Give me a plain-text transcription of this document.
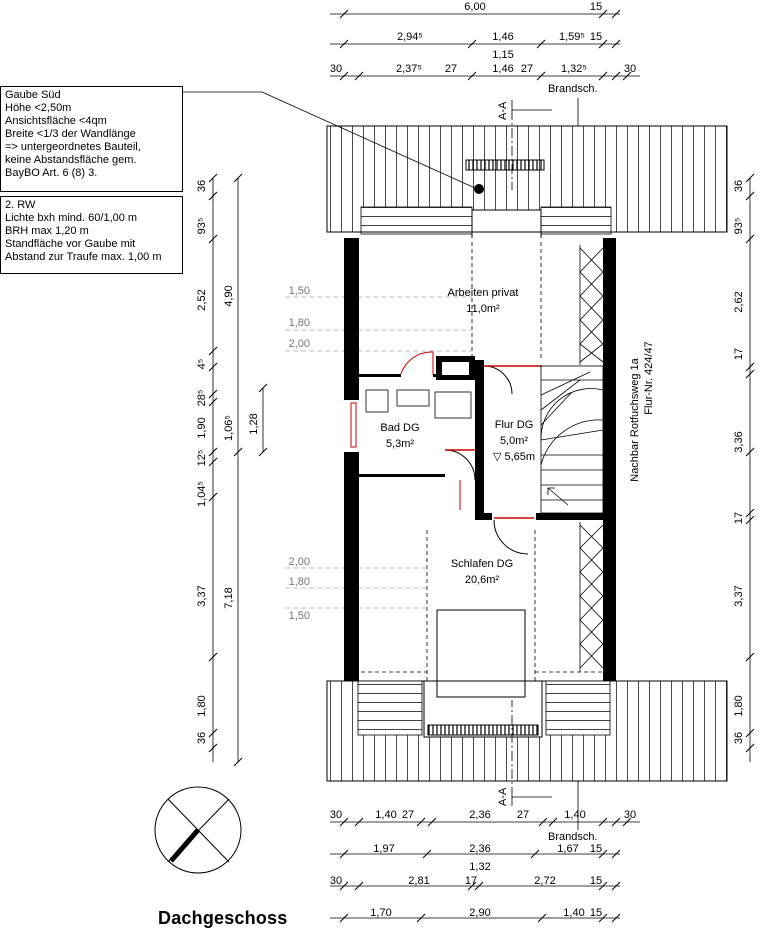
6,00	15
2,94⁵	1,46	1,59⁵ 15
1,15
30	2,37⁵ 27	1,46 27	1,32⁵	30
Brandsch.
Brandsch.
30	1,40 27	2,36 27	1,40	30
1,97	2,36	1,67 15
1,32
30	2,81	17	2,72	15
1,70	2,90	1,40 15
1,50
1,80
2,00
2,00
1,80
1,50
Arbeiten privat
11,0m²
Bad DG
5,3m²
Flur DG
5,0m²
▽ 5,65m
Schlafen DG
20,6m²
A-A
A-A
Nachbar Rotfuchsweg 1a Flur-Nr. 424/47
36
93⁵
2,52
4⁵
28⁵
1,90
12⁵
1,04⁵
3,37
1,80
36
4,90
1,06⁵
7,18
1,28
36
93⁵
2,62
17
3,36
17
3,37
1,80
36
Gaube Süd
Höhe <2,50m
Ansichtsfläche <4qm
Breite <1/3 der Wandlänge
=> untergeordnetes Bauteil,
keine Abstandsfläche gem.
BayBO Art. 6 (8) 3.
2. RW
Lichte bxh mind. 60/1,00 m
BRH max 1,20 m
Standfläche vor Gaube mit
Abstand zur Traufe max. 1,00 m
Dachgeschoss
